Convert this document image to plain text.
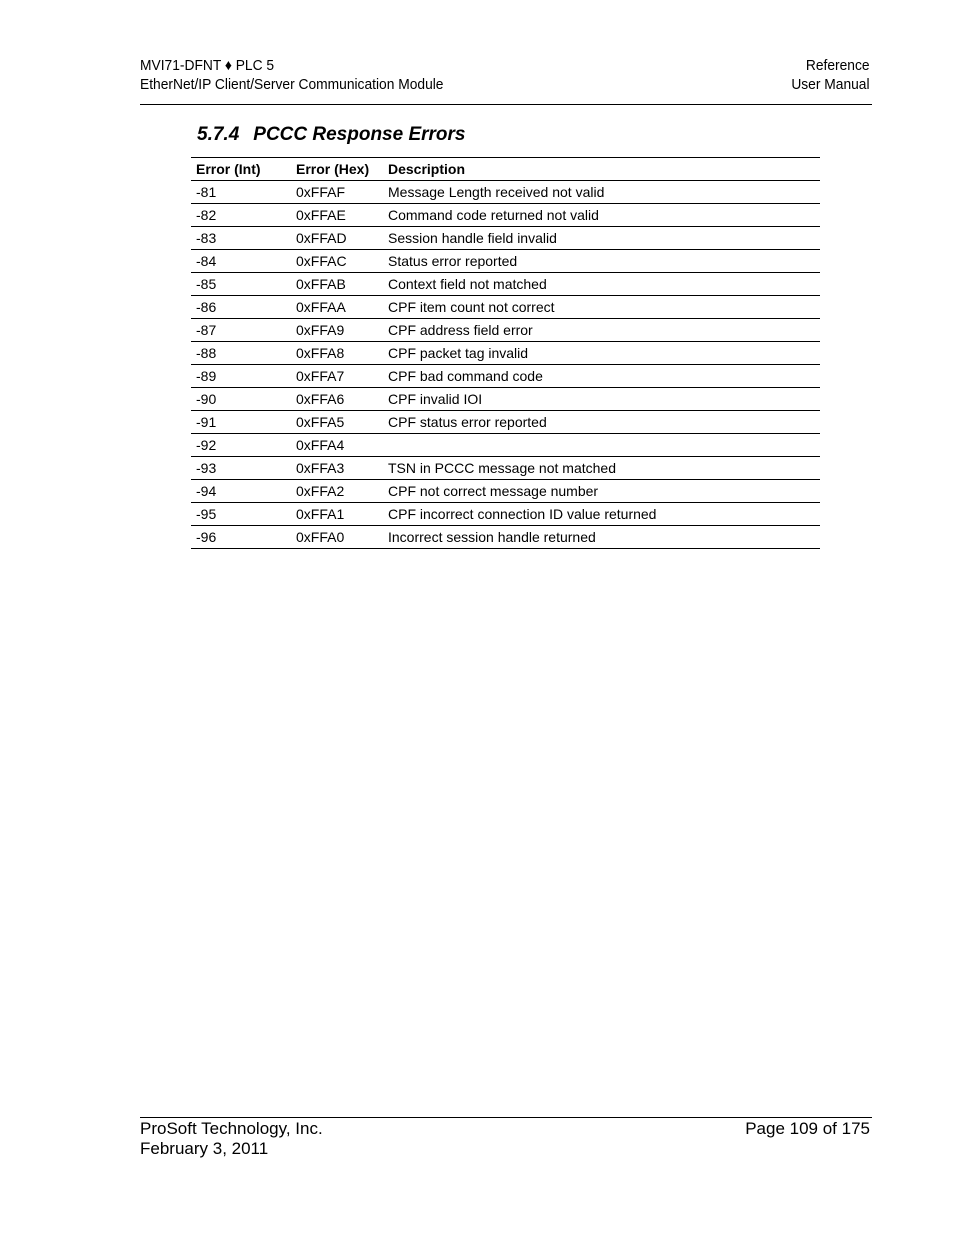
MVI71-DFNT ♦ PLC 5
EtherNet/IP Client/Server Communication Module
Reference
User Manual
5.7.4 PCCC Response Errors
Error (Int)	Error (Hex)	Description
-81	0xFFAF	Message Length received not valid
-82	0xFFAE	Command code returned not valid
-83	0xFFAD	Session handle field invalid
-84	0xFFAC	Status error reported
-85	0xFFAB	Context field not matched
-86	0xFFAA	CPF item count not correct
-87	0xFFA9	CPF address field error
-88	0xFFA8	CPF packet tag invalid
-89	0xFFA7	CPF bad command code
-90	0xFFA6	CPF invalid IOI
-91	0xFFA5	CPF status error reported
-92	0xFFA4	
-93	0xFFA3	TSN in PCCC message not matched
-94	0xFFA2	CPF not correct message number
-95	0xFFA1	CPF incorrect connection ID value returned
-96	0xFFA0	Incorrect session handle returned
ProSoft Technology, Inc.
February 3, 2011
Page 109 of 175
